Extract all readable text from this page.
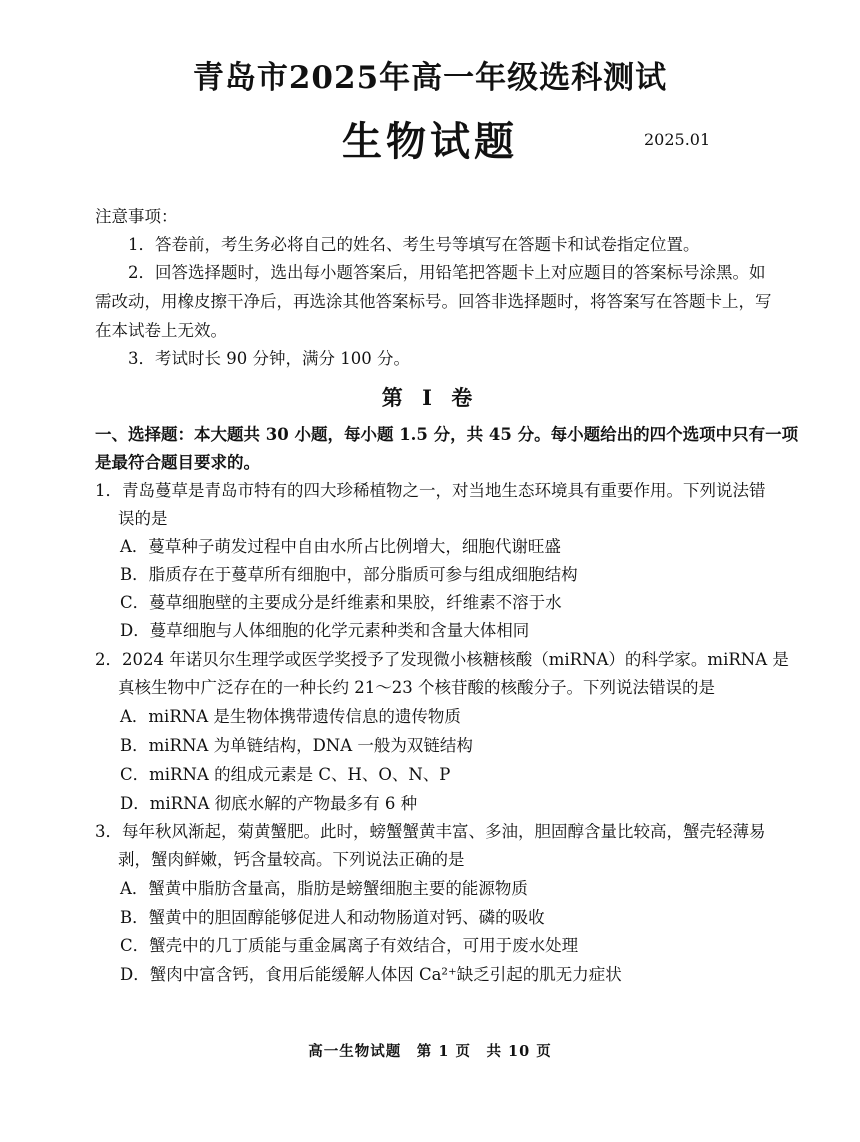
青岛市2025年高一年级选科测试
生物试题	2025.01
注意事项：
1．答卷前，考生务必将自己的姓名、考生号等填写在答题卡和试卷指定位置。
2．回答选择题时，选出每小题答案后，用铅笔把答题卡上对应题目的答案标号涂黑。如
需改动，用橡皮擦干净后，再选涂其他答案标号。回答非选择题时，将答案写在答题卡上，写
在本试卷上无效。
3．考试时长 90 分钟，满分 100 分。
第 Ⅰ 卷
一、选择题：本大题共 30 小题，每小题 1.5 分，共 45 分。每小题给出的四个选项中只有一项
是最符合题目要求的。
1．青岛蔓草是青岛市特有的四大珍稀植物之一，对当地生态环境具有重要作用。下列说法错
误的是
A．蔓草种子萌发过程中自由水所占比例增大，细胞代谢旺盛
B．脂质存在于蔓草所有细胞中，部分脂质可参与组成细胞结构
C．蔓草细胞壁的主要成分是纤维素和果胶，纤维素不溶于水
D．蔓草细胞与人体细胞的化学元素种类和含量大体相同
2．2024 年诺贝尔生理学或医学奖授予了发现微小核糖核酸（miRNA）的科学家。miRNA 是
真核生物中广泛存在的一种长约 21～23 个核苷酸的核酸分子。下列说法错误的是
A．miRNA 是生物体携带遗传信息的遗传物质
B．miRNA 为单链结构，DNA 一般为双链结构
C．miRNA 的组成元素是 C、H、O、N、P
D．miRNA 彻底水解的产物最多有 6 种
3．每年秋风渐起，菊黄蟹肥。此时，螃蟹蟹黄丰富、多油，胆固醇含量比较高，蟹壳轻薄易
剥，蟹肉鲜嫩，钙含量较高。下列说法正确的是
A．蟹黄中脂肪含量高，脂肪是螃蟹细胞主要的能源物质
B．蟹黄中的胆固醇能够促进人和动物肠道对钙、磷的吸收
C．蟹壳中的几丁质能与重金属离子有效结合，可用于废水处理
D．蟹肉中富含钙，食用后能缓解人体因 Ca²⁺缺乏引起的肌无力症状
高一生物试题　第 1 页　共 10 页
